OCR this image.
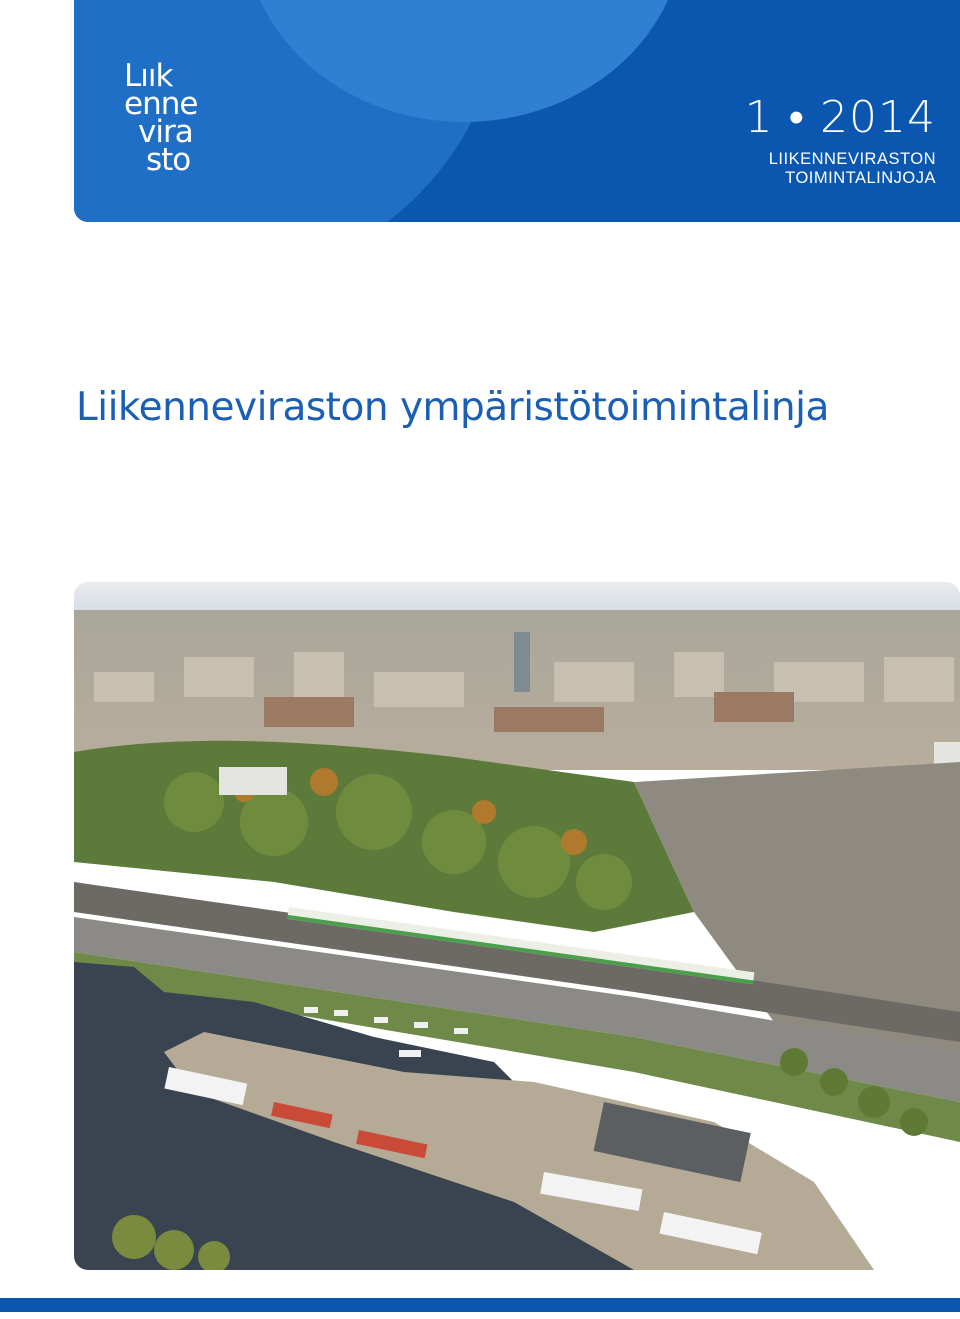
Lıık
enne
vira
sto
1 • 2014
LIIKENNEVIRASTON
TOIMINTALINJOJA
Liikenneviraston ympäristötoimintalinja
